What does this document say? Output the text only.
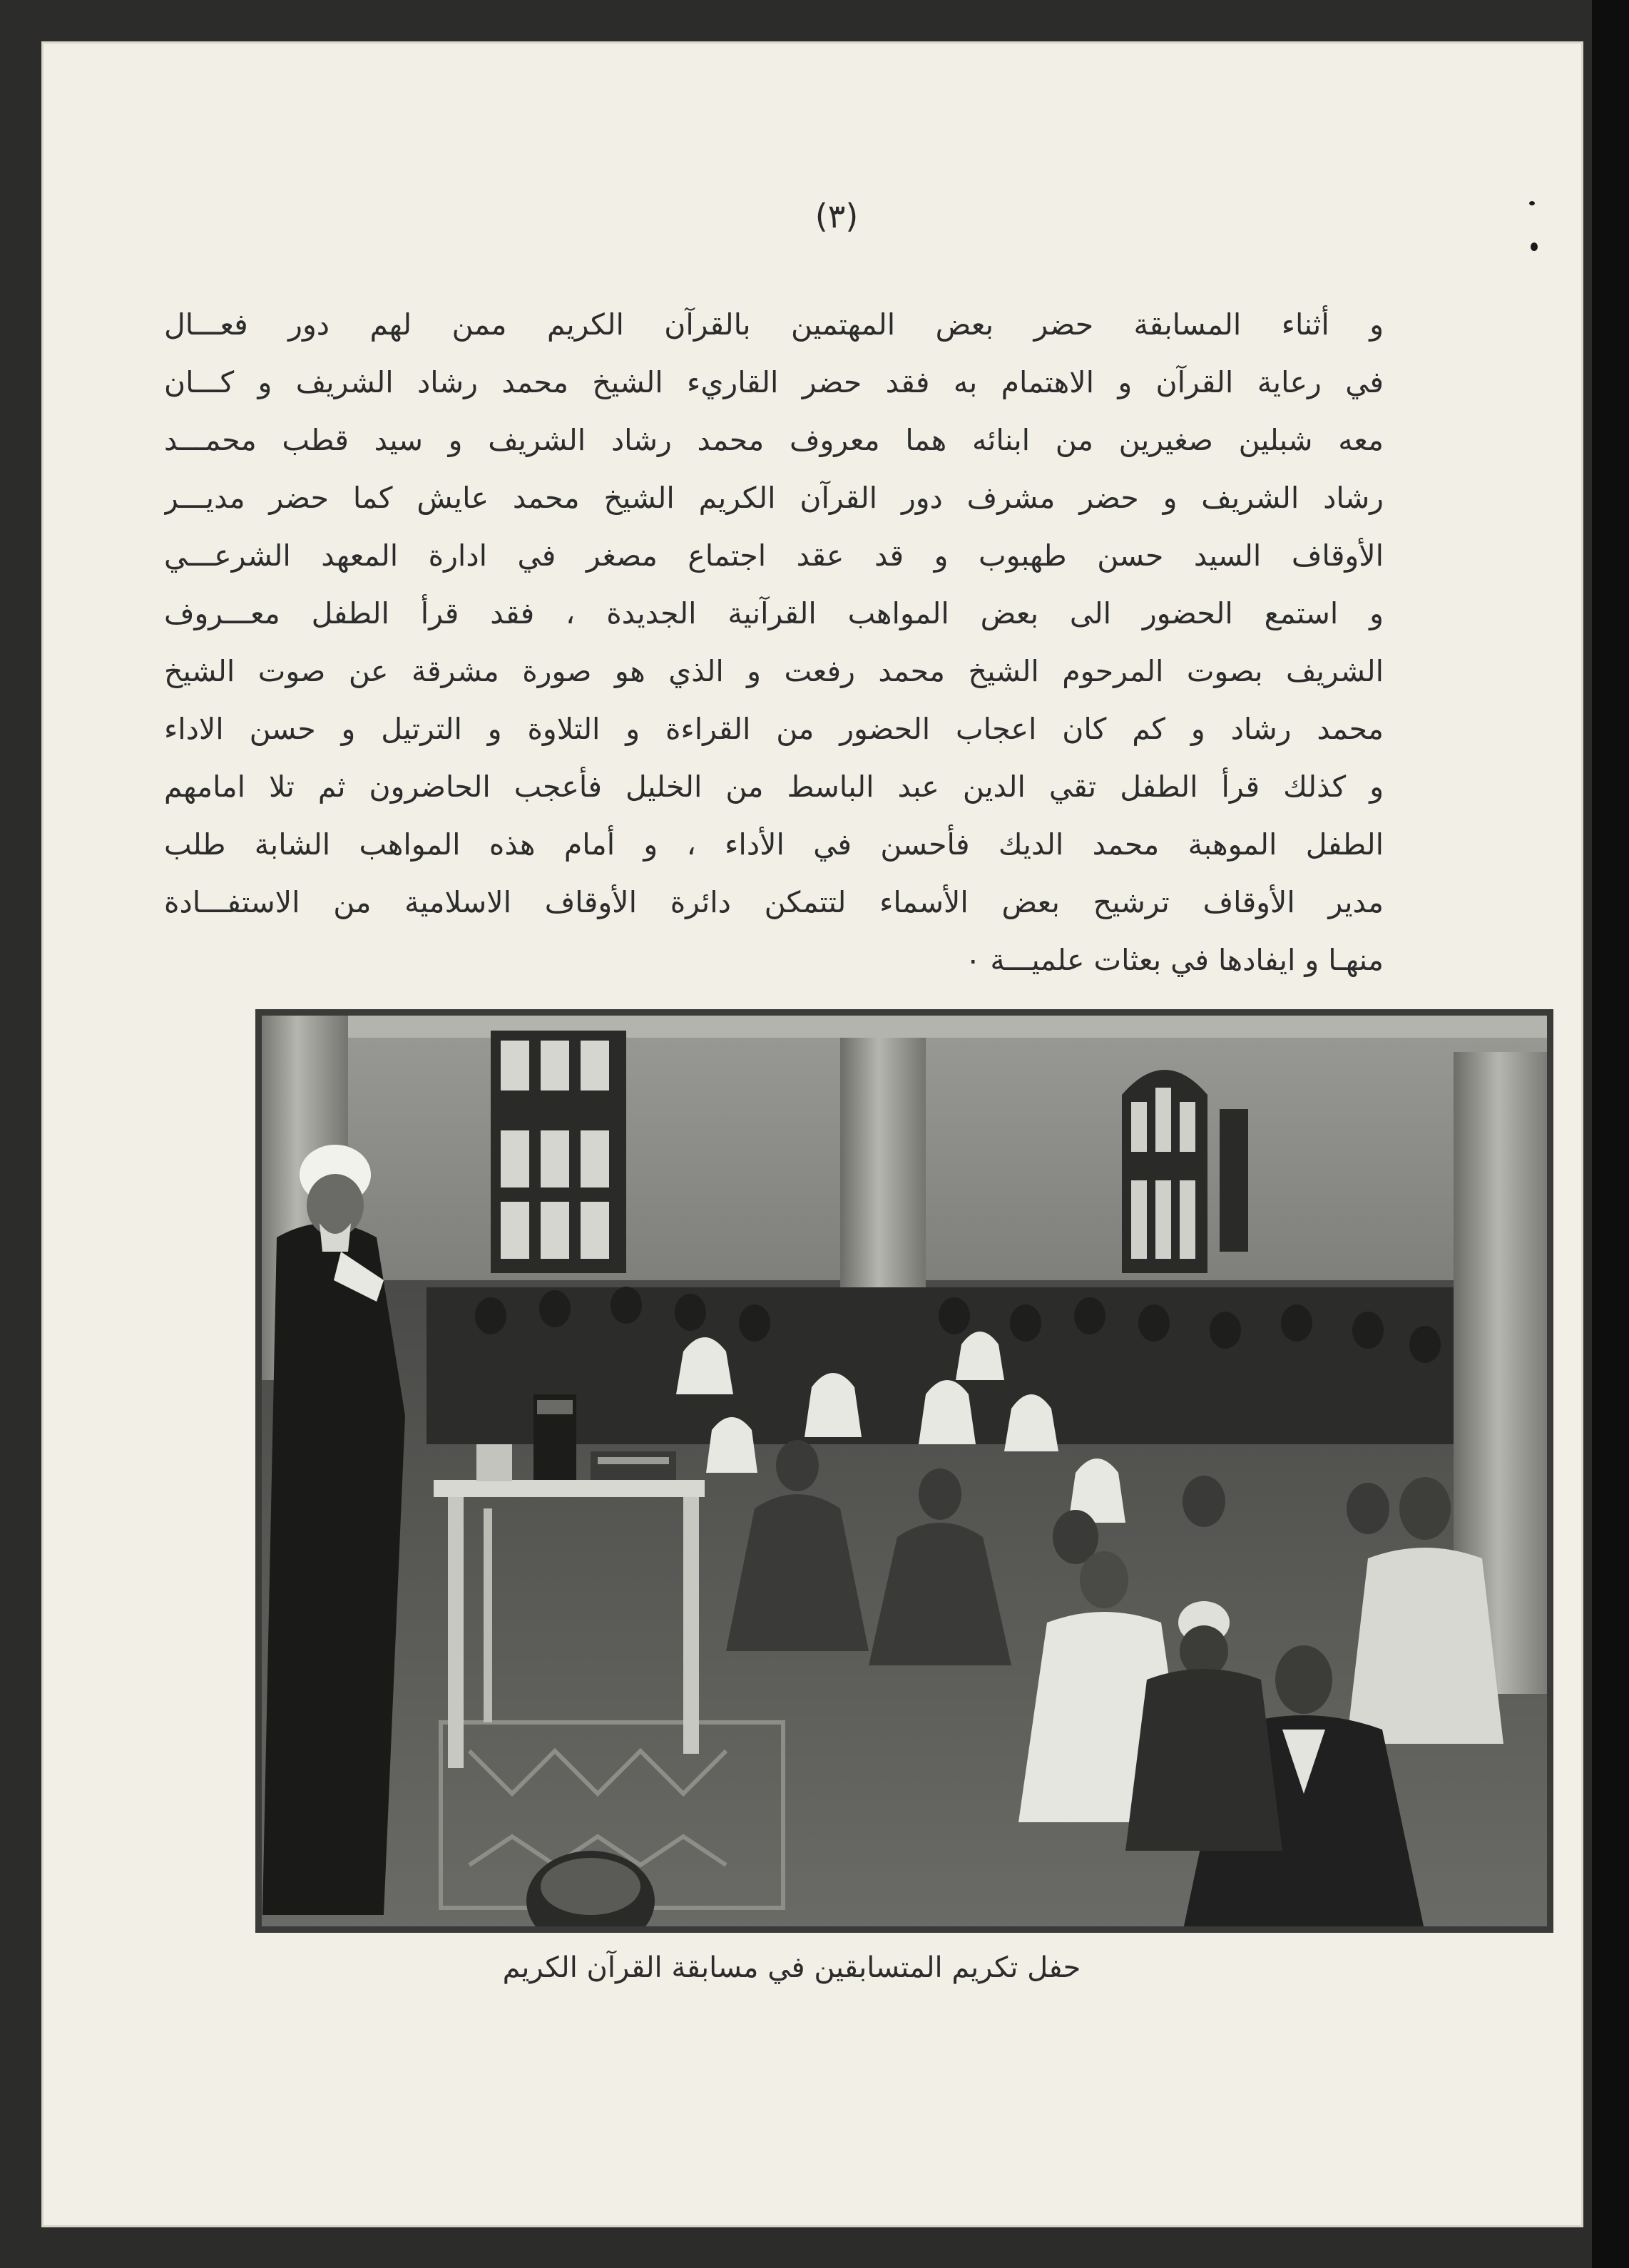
(٣)
و أثناء المسابقة حضر بعض المهتمين بالقرآن الكريم ممن لهم دور فعـــال
في رعاية القرآن و الاهتمام به فقد حضر القاريء الشيخ محمد رشاد الشريف و كـــان
معه شبلين صغيرين من ابنائه هما معروف محمد رشاد الشريف و سيد قطب محمـــد
رشاد الشريف و حضر مشرف دور القرآن الكريم الشيخ محمد عايش كما حضر مديـــر
الأوقاف السيد حسن طهبوب و قد عقد اجتماع مصغر في ادارة المعهد الشرعـــي
و استمع الحضور الى بعض المواهب القرآنية الجديدة ، فقد قرأ الطفل معـــروف
الشريف بصوت المرحوم الشيخ محمد رفعت و الذي هو صورة مشرقة عن صوت الشيخ
محمد رشاد و كم كان اعجاب الحضور من القراءة و التلاوة و الترتيل و حسن الاداء
و كذلك قرأ الطفل تقي الدين عبد الباسط من الخليل فأعجب الحاضرون ثم تلا امامهم
الطفل الموهبة محمد الديك فأحسن في الأداء ، و أمام هذه المواهب الشابة طلب
مدير الأوقاف ترشيح بعض الأسماء لتتمكن دائرة الأوقاف الاسلامية من الاستفـــادة
منهـا و ايفادها في بعثات علميـــة ٠
حفل تكريم المتسابقين في مسابقة القرآن الكريم
